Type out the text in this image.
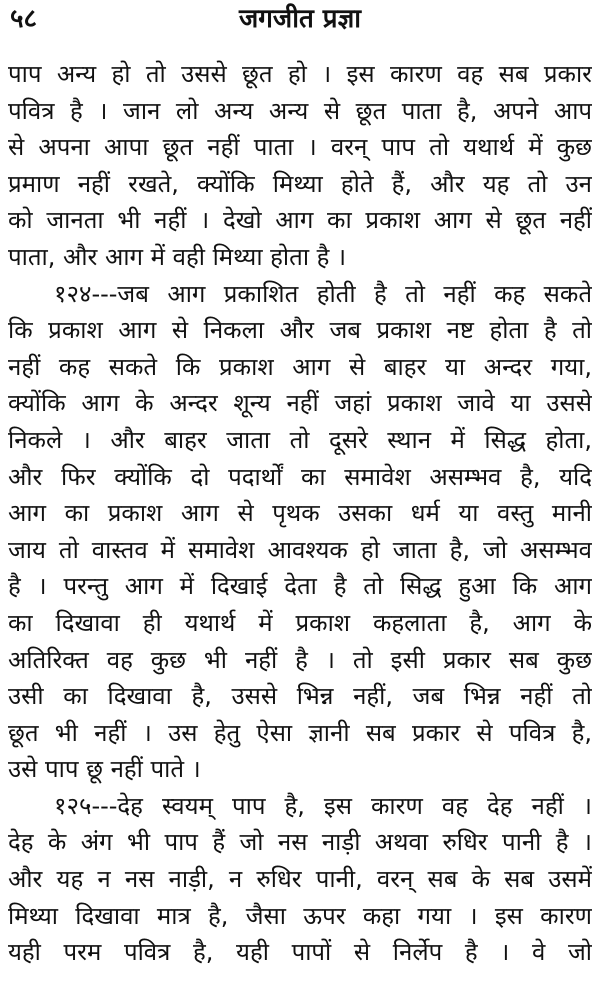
५८	जगजीत प्रज्ञा
पाप अन्य हो तो उससे छूत हो । इस कारण वह सब प्रकार
पवित्र है । जान लो अन्य अन्य से छूत पाता है, अपने आप
से अपना आपा छूत नहीं पाता । वरन् पाप तो यथार्थ में कुछ
प्रमाण नहीं रखते, क्योंकि मिथ्या होते हैं, और यह तो उन
को जानता भी नहीं । देखो आग का प्रकाश आग से छूत नहीं
पाता, और आग में वही मिथ्या होता है ।
१२४---जब आग प्रकाशित होती है तो नहीं कह सकते
कि प्रकाश आग से निकला और जब प्रकाश नष्ट होता है तो
नहीं कह सकते कि प्रकाश आग से बाहर या अन्दर गया,
क्योंकि आग के अन्दर शून्य नहीं जहां प्रकाश जावे या उससे
निकले । और बाहर जाता तो दूसरे स्थान में सिद्ध होता,
और फिर क्योंकि दो पदार्थों का समावेश असम्भव है, यदि
आग का प्रकाश आग से पृथक उसका धर्म या वस्तु मानी
जाय तो वास्तव में समावेश आवश्यक हो जाता है, जो असम्भव
है । परन्तु आग में दिखाई देता है तो सिद्ध हुआ कि आग
का दिखावा ही यथार्थ में प्रकाश कहलाता है, आग के
अतिरिक्त वह कुछ भी नहीं है । तो इसी प्रकार सब कुछ
उसी का दिखावा है, उससे भिन्न नहीं, जब भिन्न नहीं तो
छूत भी नहीं । उस हेतु ऐसा ज्ञानी सब प्रकार से पवित्र है,
उसे पाप छू नहीं पाते ।
१२५---देह स्वयम् पाप है, इस कारण वह देह नहीं ।
देह के अंग भी पाप हैं जो नस नाड़ी अथवा रुधिर पानी है ।
और यह न नस नाड़ी, न रुधिर पानी, वरन् सब के सब उसमें
मिथ्या दिखावा मात्र है, जैसा ऊपर कहा गया । इस कारण
यही परम पवित्र है, यही पापों से निर्लेप है । वे जो
